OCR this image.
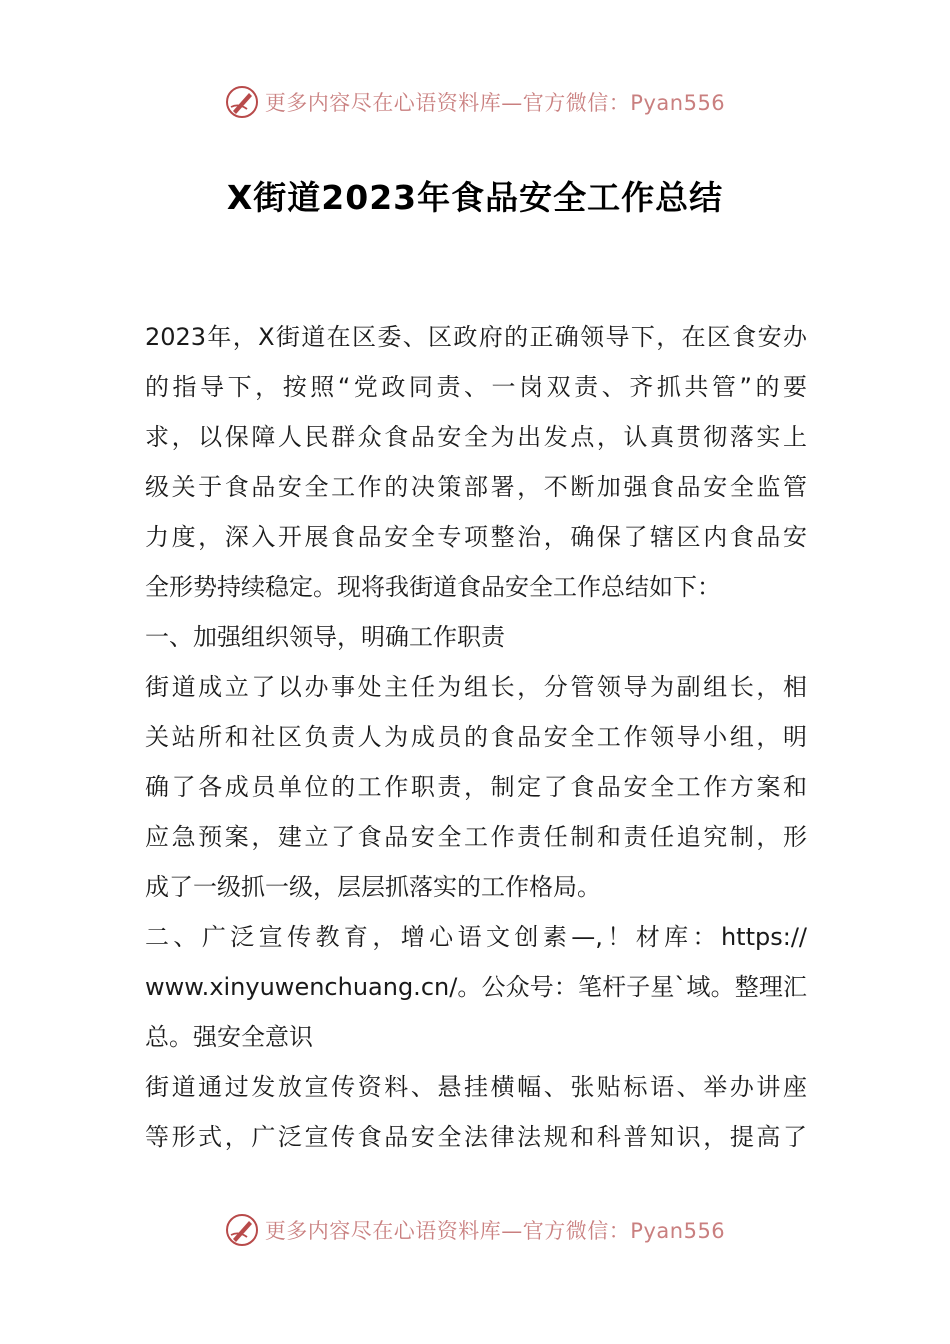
更多内容尽在心语资料库—官方微信：Pyan556
X街道2023年食品安全工作总结
2023年，X街道在区委、区政府的正确领导下，在区食安办
的指导下，按照“党政同责、一岗双责、齐抓共管”的要
求，以保障人民群众食品安全为出发点，认真贯彻落实上
级关于食品安全工作的决策部署，不断加强食品安全监管
力度，深入开展食品安全专项整治，确保了辖区内食品安
全形势持续稳定。现将我街道食品安全工作总结如下：
一、加强组织领导，明确工作职责
街道成立了以办事处主任为组长，分管领导为副组长，相
关站所和社区负责人为成员的食品安全工作领导小组，明
确了各成员单位的工作职责，制定了食品安全工作方案和
应急预案，建立了食品安全工作责任制和责任追究制，形
成了一级抓一级，层层抓落实的工作格局。
二、广泛宣传教育，增心语文创素—,！材库：https://
www.xinyuwenchuang.cn/。公众号：笔杆子星`域。整理汇
总。强安全意识
街道通过发放宣传资料、悬挂横幅、张贴标语、举办讲座
等形式，广泛宣传食品安全法律法规和科普知识，提高了
更多内容尽在心语资料库—官方微信：Pyan556
